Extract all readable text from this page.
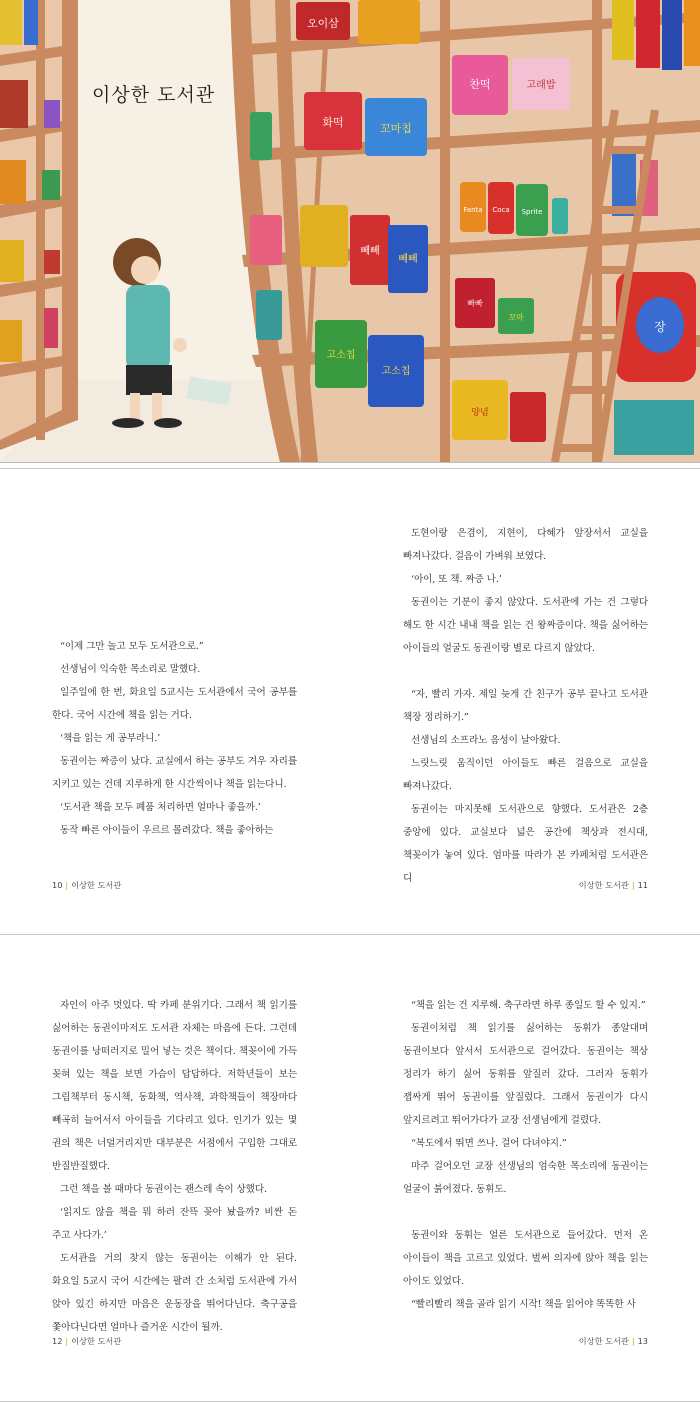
오이삼
화떡	꼬마칩
찬떡	고래밥
빼빼
빼빼
고소칩
고소칩
Fanta Coca Sprite
빠빠
꼬마
양념
장
이상한 도서관

“이제 그만 놀고 모두 도서관으로.”

선생님이 익숙한 목소리로 말했다.

일주일에 한 번, 화요일 5교시는 도서관에서 국어 공부를 한다. 국어 시간에 책을 읽는 거다.

‘책을 읽는 게 공부라니.’

동권이는 짜증이 났다. 교실에서 하는 공부도 겨우 자리를 지키고 있는 건데 지루하게 한 시간씩이나 책을 읽는다니.

‘도서관 책을 모두 폐품 처리하면 얼마나 좋을까.’

동작 빠른 아이들이 우르르 몰려갔다. 책을 좋아하는

도현이랑 은겸이, 지현이, 다혜가 앞장서서 교실을 빠져나갔다. 걸음이 가벼워 보였다.

‘아이, 또 책. 짜증 나.’

동권이는 기분이 좋지 않았다. 도서관에 가는 건 그렇다 해도 한 시간 내내 책을 읽는 건 왕짜증이다. 책을 싫어하는 아이들의 얼굴도 동권이랑 별로 다르지 않았다.

“자, 빨리 가자. 제일 늦게 간 친구가 공부 끝나고 도서관 책장 정리하기.”

선생님의 소프라노 음성이 날아왔다.

느릿느릿 움직이던 아이들도 빠른 걸음으로 교실을 빠져나갔다.

동권이는 마지못해 도서관으로 향했다. 도서관은 2층 중앙에 있다. 교실보다 넓은 공간에 책상과 전시대, 책꽂이가 놓여 있다. 엄마를 따라가 본 카페처럼 도서관은 디

10 | 이상한 도서관	이상한 도서관 | 11

자인이 아주 멋있다. 딱 카페 분위기다. 그래서 책 읽기를 싫어하는 동권이마저도 도서관 자체는 마음에 든다. 그런데 동권이를 낭떠러지로 밀어 넣는 것은 책이다. 책꽂이에 가득 꽂혀 있는 책을 보면 가슴이 답답하다. 저학년들이 보는 그림책부터 동시책, 동화책, 역사책, 과학책들이 책장마다 빼곡히 늘어서서 아이들을 기다리고 있다. 인기가 있는 몇 권의 책은 너덜거리지만 대부분은 서점에서 구입한 그대로 반질반질했다.

그런 책을 볼 때마다 동권이는 괜스레 속이 상했다.

‘읽지도 않을 책을 뭐 하러 잔뜩 꽂아 놨을까? 비싼 돈 주고 사다가.’

도서관을 거의 찾지 않는 동권이는 이해가 안 된다. 화요일 5교시 국어 시간에는 팔려 간 소처럼 도서관에 가서 앉아 있긴 하지만 마음은 운동장을 뛰어다닌다. 축구공을 쫓아다닌다면 얼마나 즐거운 시간이 될까.

“책을 읽는 건 지루해. 축구라면 하루 종일도 할 수 있지.”

동권이처럼 책 읽기를 싫어하는 동휘가 종알대며 동권이보다 앞서서 도서관으로 걸어갔다. 동권이는 책상 정리가 하기 싫어 동휘를 앞질러 갔다. 그러자 동휘가 잽싸게 뛰어 동권이를 앞질렀다. 그래서 동권이가 다시 앞지르려고 뛰어가다가 교장 선생님에게 걸렸다.

“복도에서 뛰면 쓰나. 걸어 다녀야지.”

마주 걸어오던 교장 선생님의 엄숙한 목소리에 동권이는 얼굴이 붉어졌다. 동휘도.

동권이와 동휘는 얼른 도서관으로 들어갔다. 먼저 온 아이들이 책을 고르고 있었다. 벌써 의자에 앉아 책을 읽는 아이도 있었다.

“빨리빨리 책을 골라 읽기 시작! 책을 읽어야 똑똑한 사

12 | 이상한 도서관	이상한 도서관 | 13
